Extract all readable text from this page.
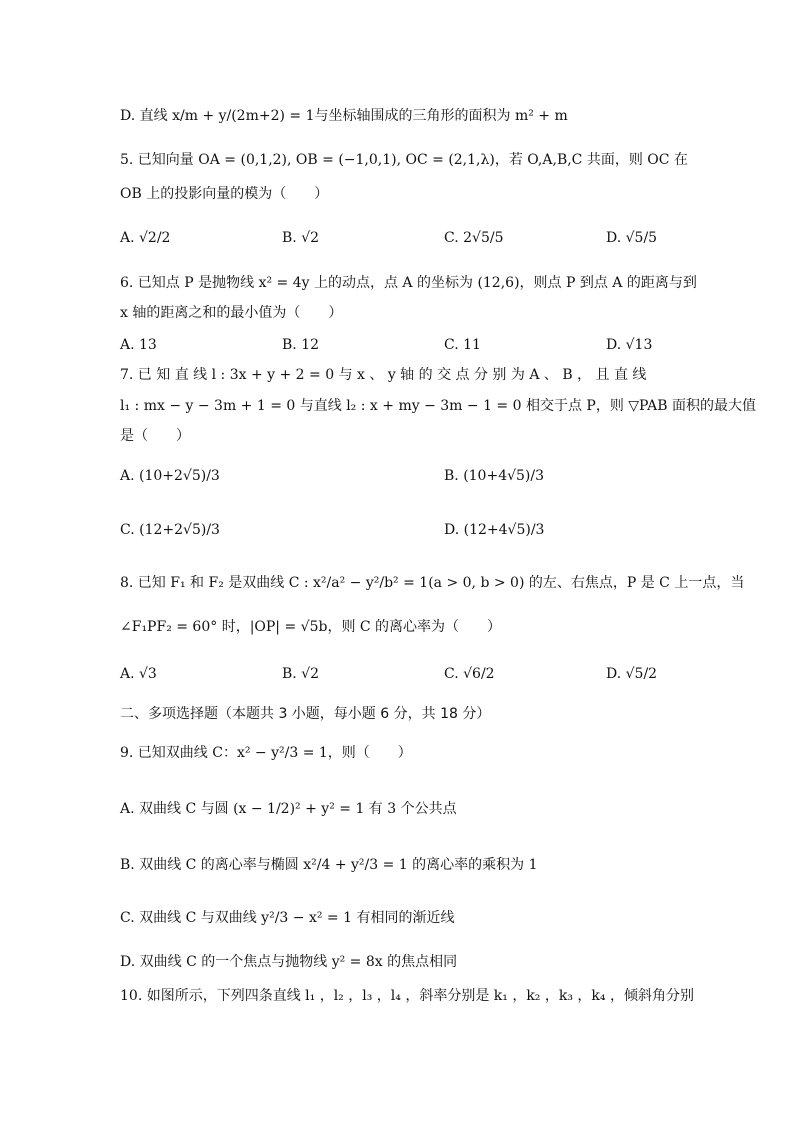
D. 直线 x/m + y/(2m+2) = 1与坐标轴围成的三角形的面积为 m² + m
5. 已知向量 OA = (0,1,2), OB = (−1,0,1), OC = (2,1,λ)，若 O,A,B,C 共面，则 OC 在
OB 上的投影向量的模为（　　）
A. √2/2	B. √2	C. 2√5/5	D. √5/5
6. 已知点 P 是抛物线 x² = 4y 上的动点，点 A 的坐标为 (12,6)，则点 P 到点 A 的距离与到
x 轴的距离之和的最小值为（　　）
A. 13	B. 12	C. 11	D. √13
7. 已 知 直 线 l : 3x + y + 2 = 0 与 x 、 y 轴 的 交 点 分 别 为 A 、 B ， 且 直 线
l₁ : mx − y − 3m + 1 = 0 与直线 l₂ : x + my − 3m − 1 = 0 相交于点 P，则 ▽PAB 面积的最大值
是（　　）
A. (10+2√5)/3	B. (10+4√5)/3
C. (12+2√5)/3	D. (12+4√5)/3
8. 已知 F₁ 和 F₂ 是双曲线 C : x²/a² − y²/b² = 1(a > 0, b > 0) 的左、右焦点，P 是 C 上一点，当
∠F₁PF₂ = 60° 时，|OP| = √5b，则 C 的离心率为（　　）
A. √3	B. √2	C. √6/2	D. √5/2
二、多项选择题（本题共 3 小题，每小题 6 分，共 18 分）
9. 已知双曲线 C：x² − y²/3 = 1，则（　　）
A. 双曲线 C 与圆 (x − 1/2)² + y² = 1 有 3 个公共点
B. 双曲线 C 的离心率与椭圆 x²/4 + y²/3 = 1 的离心率的乘积为 1
C. 双曲线 C 与双曲线 y²/3 − x² = 1 有相同的渐近线
D. 双曲线 C 的一个焦点与抛物线 y² = 8x 的焦点相同
10. 如图所示，下列四条直线 l₁ ，l₂ ，l₃ ，l₄ ，斜率分别是 k₁ ，k₂ ，k₃ ，k₄ ，倾斜角分别
